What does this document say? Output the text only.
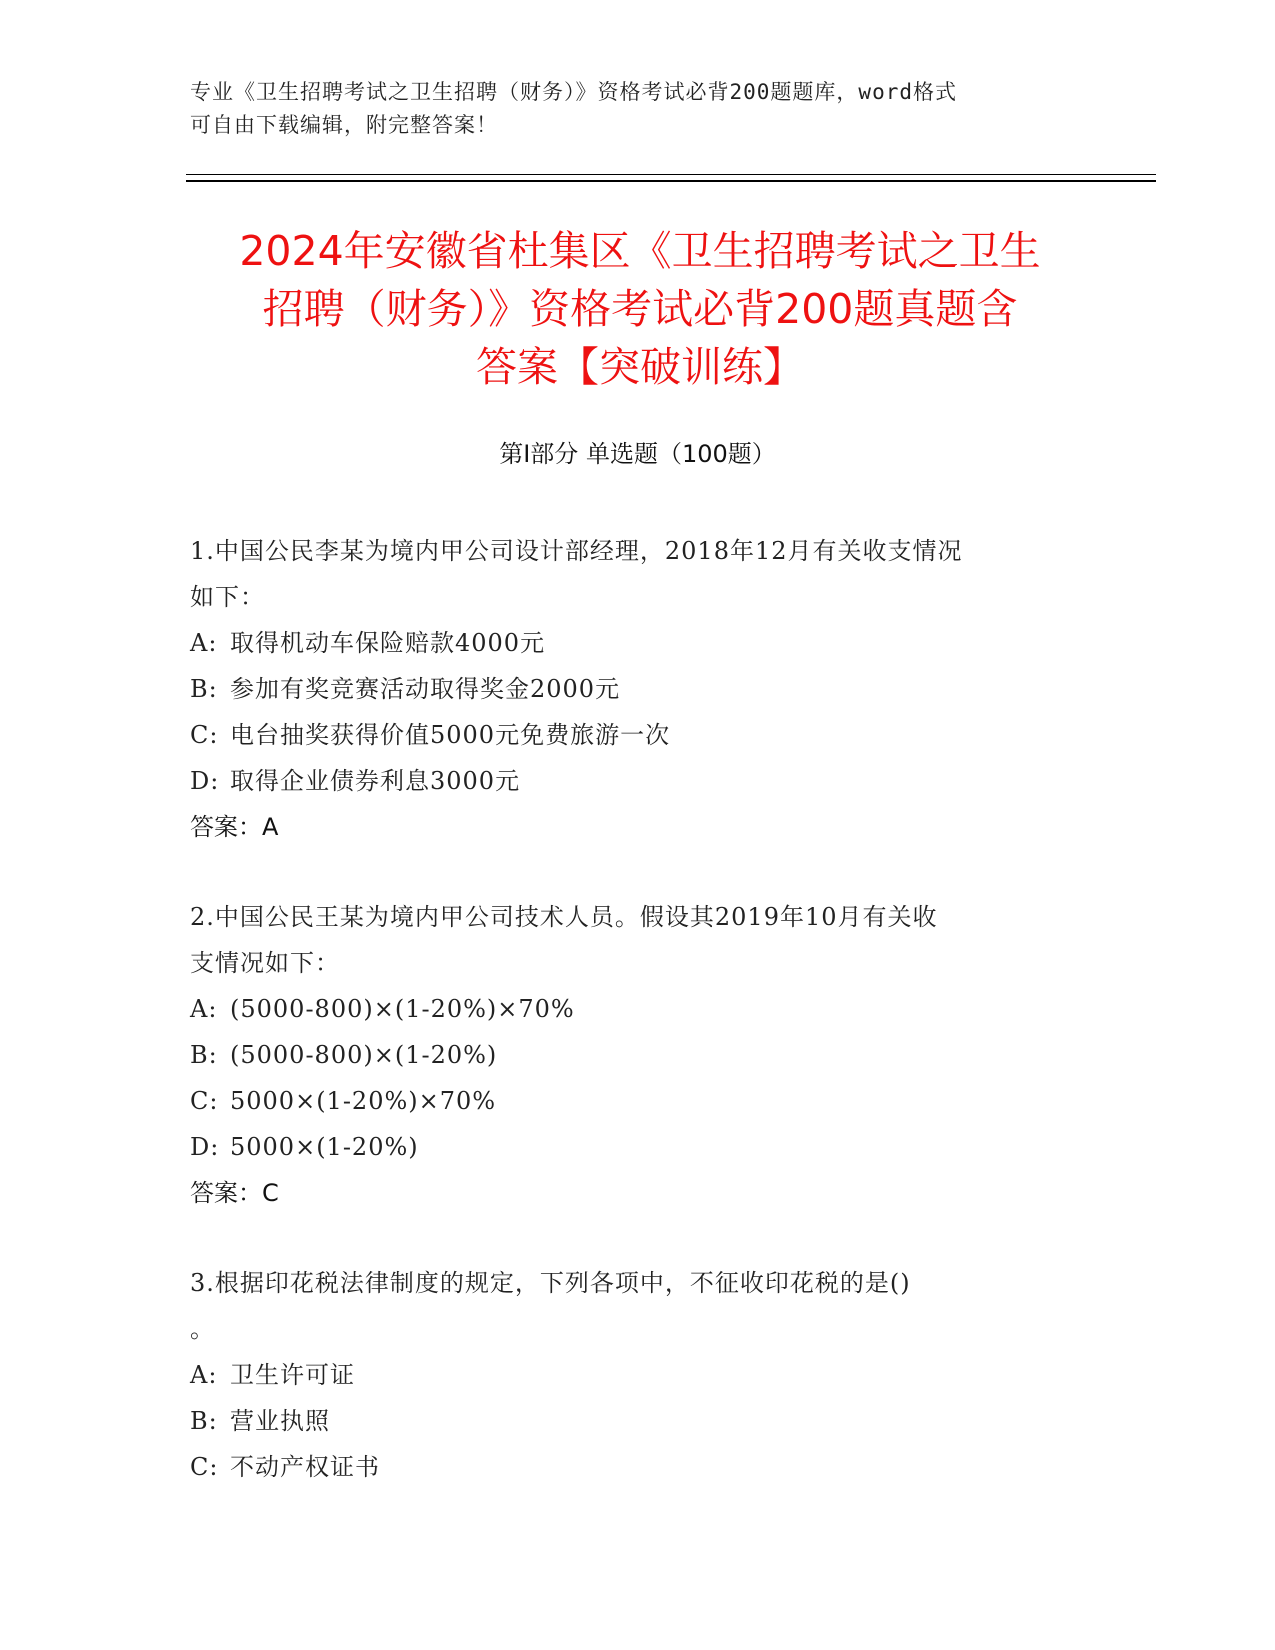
专业《卫生招聘考试之卫生招聘（财务）》资格考试必背200题题库，word格式
可自由下载编辑，附完整答案！
2024年安徽省杜集区《卫生招聘考试之卫生
招聘（财务）》资格考试必背200题真题含
答案【突破训练】
第Ⅰ部分 单选题（100题）
1.中国公民李某为境内甲公司设计部经理，2018年12月有关收支情况
如下：
A: 取得机动车保险赔款4000元
B: 参加有奖竞赛活动取得奖金2000元
C: 电台抽奖获得价值5000元免费旅游一次
D: 取得企业债券利息3000元
答案：A
2.中国公民王某为境内甲公司技术人员。假设其2019年10月有关收
支情况如下：
A: (5000-800)×(1-20%)×70%
B: (5000-800)×(1-20%)
C: 5000×(1-20%)×70%
D: 5000×(1-20%)
答案：C
3.根据印花税法律制度的规定，下列各项中，不征收印花税的是()
。
A: 卫生许可证
B: 营业执照
C: 不动产权证书
